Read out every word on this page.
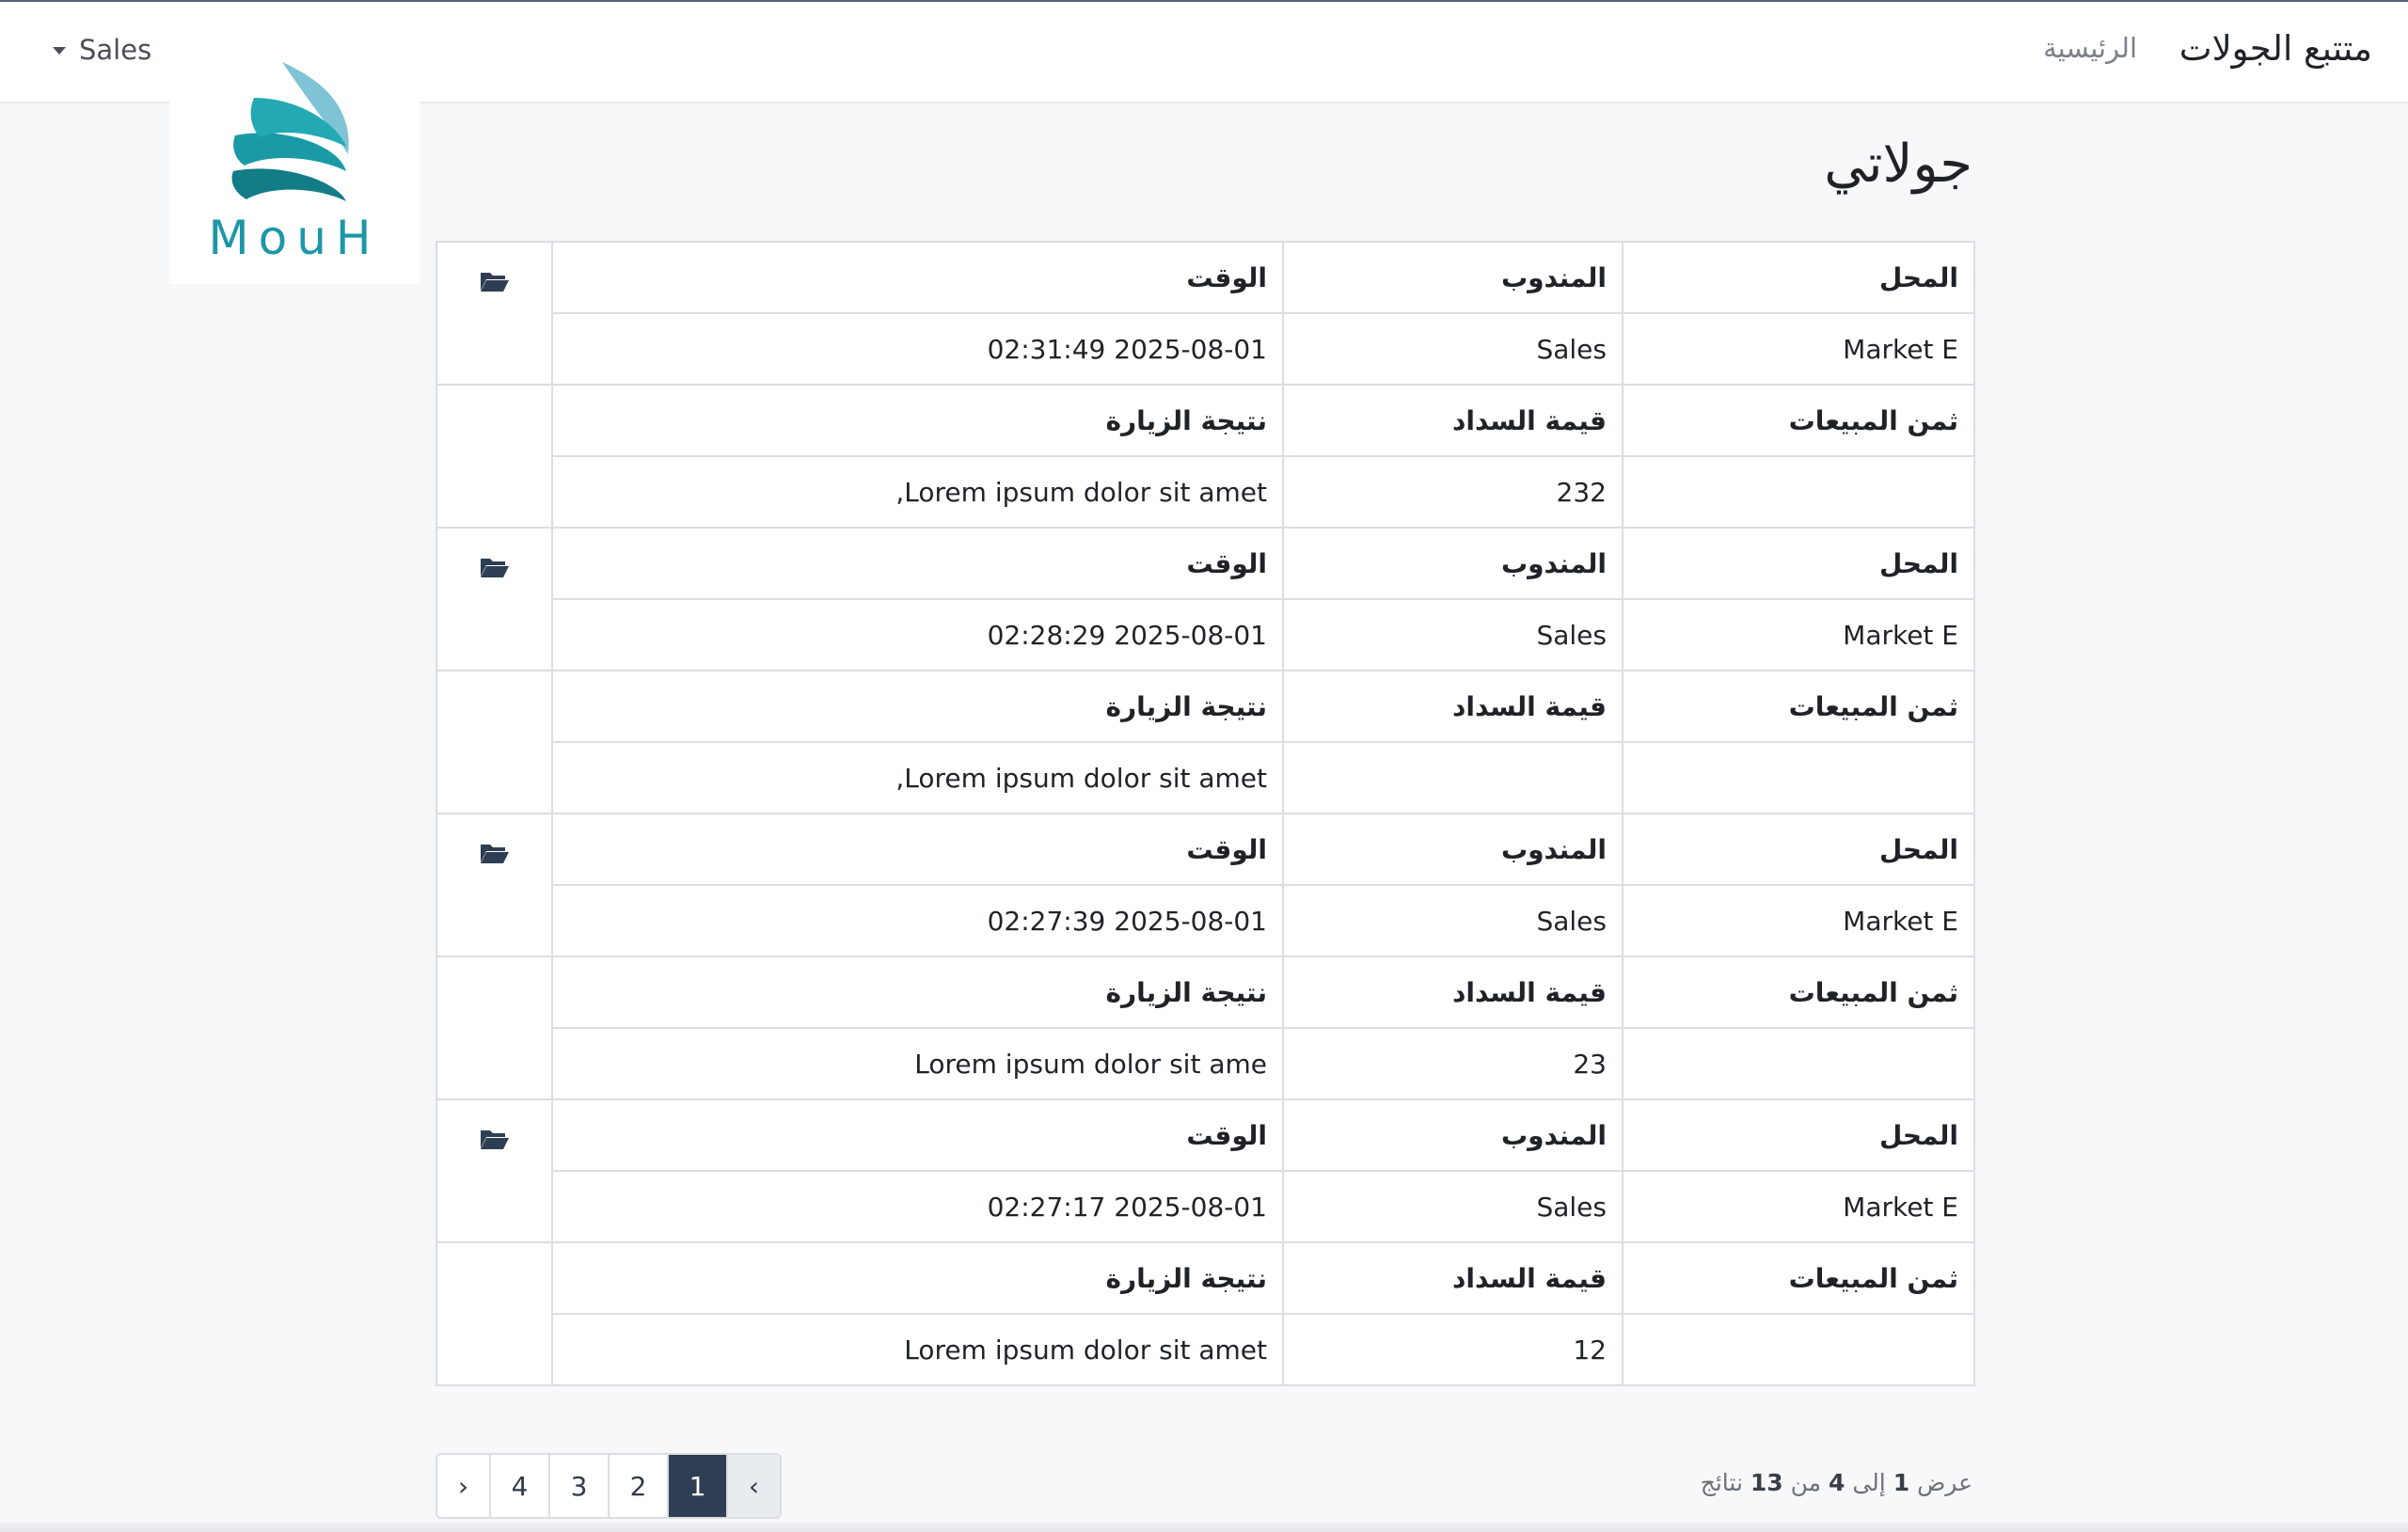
متتبع الجولات
الرئيسية
Sales
MouH
جولاتي
المحل	المندوب	الوقت	
Market E	Sales	2025-08-01 02:31:49	
ثمن المبيعات	قيمة السداد	نتيجة الزيارة	
	232	Lorem ipsum dolor sit amet,	
المحل	المندوب	الوقت	
Market E	Sales	2025-08-01 02:28:29	
ثمن المبيعات	قيمة السداد	نتيجة الزيارة	
		Lorem ipsum dolor sit amet,	
المحل	المندوب	الوقت	
Market E	Sales	2025-08-01 02:27:39	
ثمن المبيعات	قيمة السداد	نتيجة الزيارة	
	23	Lorem ipsum dolor sit ame	
المحل	المندوب	الوقت	
Market E	Sales	2025-08-01 02:27:17	
ثمن المبيعات	قيمة السداد	نتيجة الزيارة	
	12	Lorem ipsum dolor sit amet	
›	4	3	2	1	‹	عرض 1 إلى 4 من 13 نتائج
